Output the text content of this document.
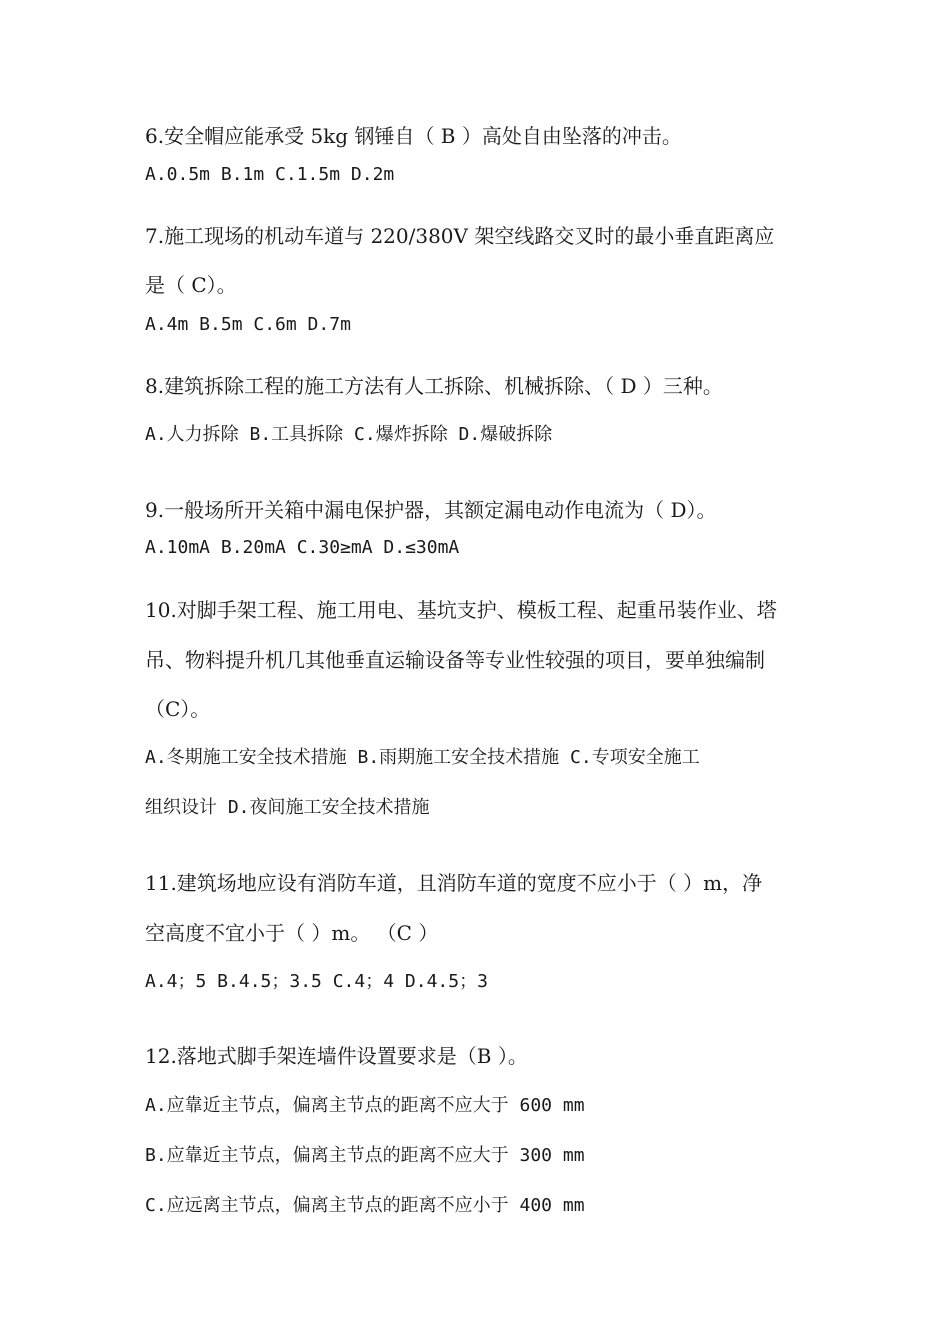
6.安全帽应能承受 5kg 钢锤自（ B ）高处自由坠落的冲击。

A.0.5m B.1m C.1.5m D.2m

7.施工现场的机动车道与 220/380V 架空线路交叉时的最小垂直距离应

是（ C）。

A.4m B.5m C.6m D.7m

8.建筑拆除工程的施工方法有人工拆除、机械拆除、（ D ）三种。

A.人力拆除 B.工具拆除 C.爆炸拆除 D.爆破拆除

9.一般场所开关箱中漏电保护器，其额定漏电动作电流为（ D）。

A.10mA B.20mA C.30≥mA D.≤30mA

10.对脚手架工程、施工用电、基坑支护、模板工程、起重吊装作业、塔

吊、物料提升机几其他垂直运输设备等专业性较强的项目，要单独编制

（C）。

A.冬期施工安全技术措施 B.雨期施工安全技术措施 C.专项安全施工

组织设计 D.夜间施工安全技术措施

11.建筑场地应设有消防车道，且消防车道的宽度不应小于（ ）m，净

空高度不宜小于（ ）m。 （C ）

A.4；5 B.4.5；3.5 C.4；4 D.4.5；3

12.落地式脚手架连墙件设置要求是（B ）。

A.应靠近主节点，偏离主节点的距离不应大于 600 mm

B.应靠近主节点，偏离主节点的距离不应大于 300 mm

C.应远离主节点，偏离主节点的距离不应小于 400 mm
